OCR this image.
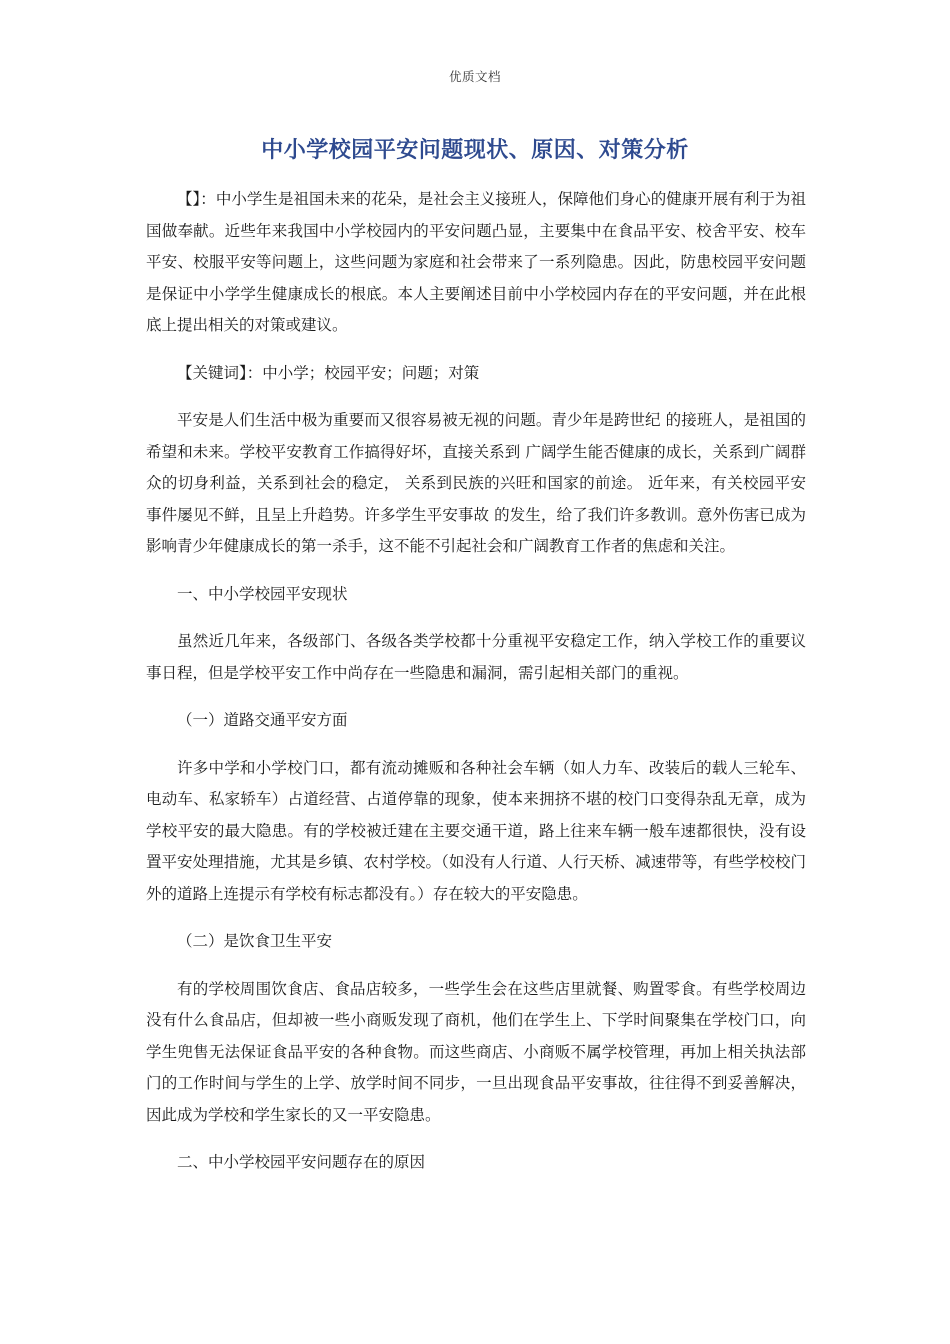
优质文档
中小学校园平安问题现状、原因、对策分析

【】：中小学生是祖国未来的花朵，是社会主义接班人，保障他们身心的健康开展有利于为祖国做奉献。近些年来我国中小学校园内的平安问题凸显，主要集中在食品平安、校舍平安、校车平安、校服平安等问题上，这些问题为家庭和社会带来了一系列隐患。因此，防患校园平安问题是保证中小学学生健康成长的根底。本人主要阐述目前中小学校园内存在的平安问题，并在此根底上提出相关的对策或建议。

【关键词】：中小学；校园平安；问题；对策

平安是人们生活中极为重要而又很容易被无视的问题。青少年是跨世纪 的接班人，是祖国的希望和未来。学校平安教育工作搞得好坏，直接关系到 广阔学生能否健康的成长，关系到广阔群众的切身利益，关系到社会的稳定， 关系到民族的兴旺和国家的前途。 近年来，有关校园平安事件屡见不鲜，且呈上升趋势。许多学生平安事故 的发生，给了我们许多教训。意外伤害已成为影响青少年健康成长的第一杀手，这不能不引起社会和广阔教育工作者的焦虑和关注。

一、中小学校园平安现状

虽然近几年来，各级部门、各级各类学校都十分重视平安稳定工作，纳入学校工作的重要议事日程，但是学校平安工作中尚存在一些隐患和漏洞，需引起相关部门的重视。

（一）道路交通平安方面

许多中学和小学校门口，都有流动摊贩和各种社会车辆（如人力车、改装后的载人三轮车、电动车、私家轿车）占道经营、占道停靠的现象，使本来拥挤不堪的校门口变得杂乱无章，成为学校平安的最大隐患。有的学校被迁建在主要交通干道，路上往来车辆一般车速都很快，没有设置平安处理措施，尤其是乡镇、农村学校。（如没有人行道、人行天桥、减速带等，有些学校校门外的道路上连提示有学校有标志都没有。）存在较大的平安隐患。

（二）是饮食卫生平安

有的学校周围饮食店、食品店较多，一些学生会在这些店里就餐、购置零食。有些学校周边没有什么食品店，但却被一些小商贩发现了商机，他们在学生上、下学时间聚集在学校门口，向学生兜售无法保证食品平安的各种食物。而这些商店、小商贩不属学校管理，再加上相关执法部门的工作时间与学生的上学、放学时间不同步，一旦出现食品平安事故，往往得不到妥善解决，因此成为学校和学生家长的又一平安隐患。

二、中小学校园平安问题存在的原因
